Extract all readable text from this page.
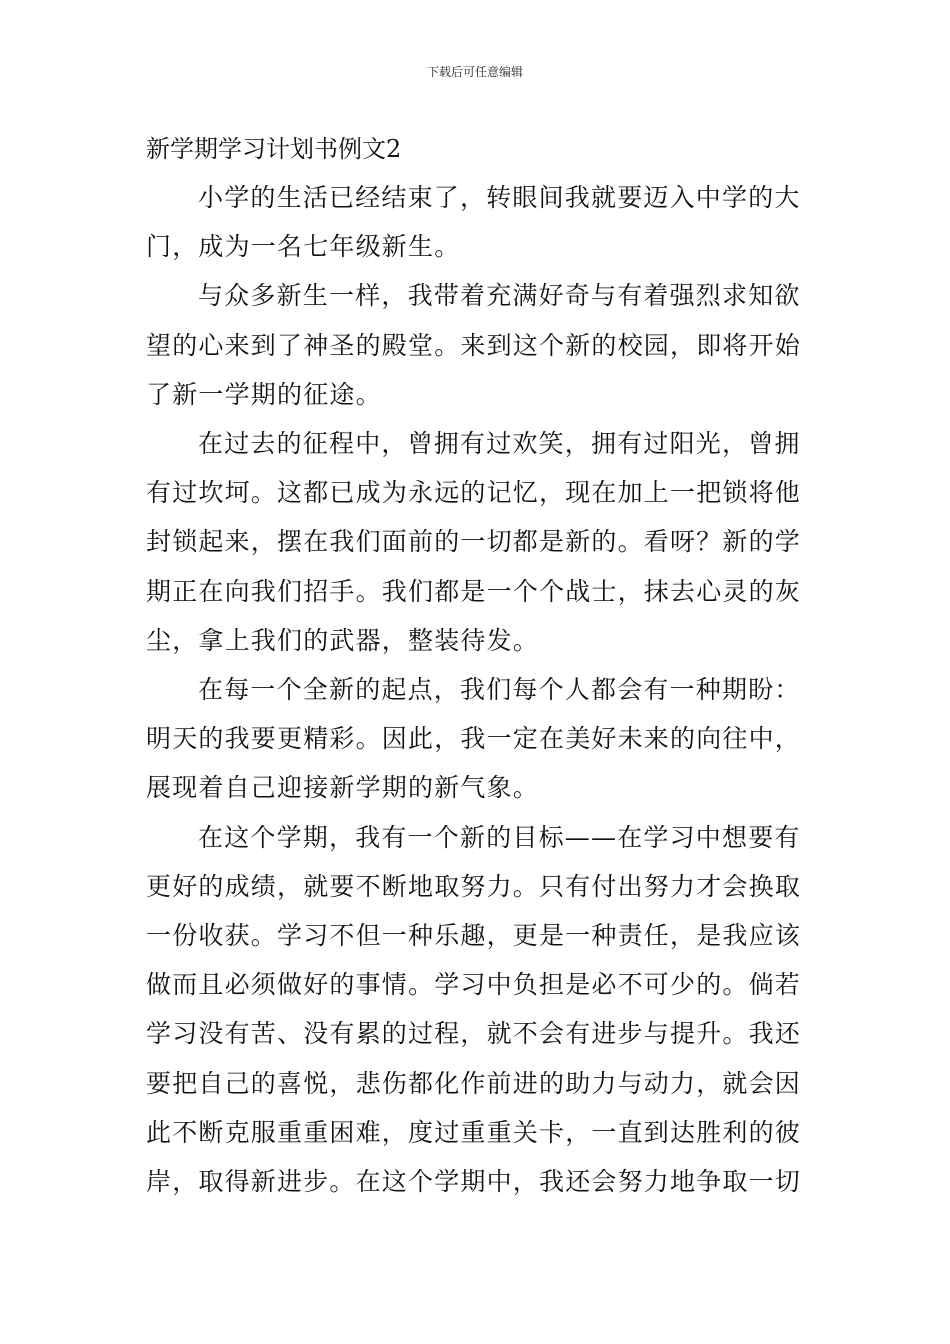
下载后可任意编辑
新学期学习计划书例文2

小学的生活已经结束了，转眼间我就要迈入中学的大
门，成为一名七年级新生。

与众多新生一样，我带着充满好奇与有着强烈求知欲
望的心来到了神圣的殿堂。来到这个新的校园，即将开始
了新一学期的征途。

在过去的征程中，曾拥有过欢笑，拥有过阳光，曾拥
有过坎坷。这都已成为永远的记忆，现在加上一把锁将他
封锁起来，摆在我们面前的一切都是新的。看呀？新的学
期正在向我们招手。我们都是一个个战士，抹去心灵的灰
尘，拿上我们的武器，整装待发。

在每一个全新的起点，我们每个人都会有一种期盼：
明天的我要更精彩。因此，我一定在美好未来的向往中，
展现着自己迎接新学期的新气象。

在这个学期，我有一个新的目标——在学习中想要有
更好的成绩，就要不断地取努力。只有付出努力才会换取
一份收获。学习不但一种乐趣，更是一种责任，是我应该
做而且必须做好的事情。学习中负担是必不可少的。倘若
学习没有苦、没有累的过程，就不会有进步与提升。我还
要把自己的喜悦，悲伤都化作前进的助力与动力，就会因
此不断克服重重困难，度过重重关卡，一直到达胜利的彼
岸，取得新进步。在这个学期中，我还会努力地争取一切
